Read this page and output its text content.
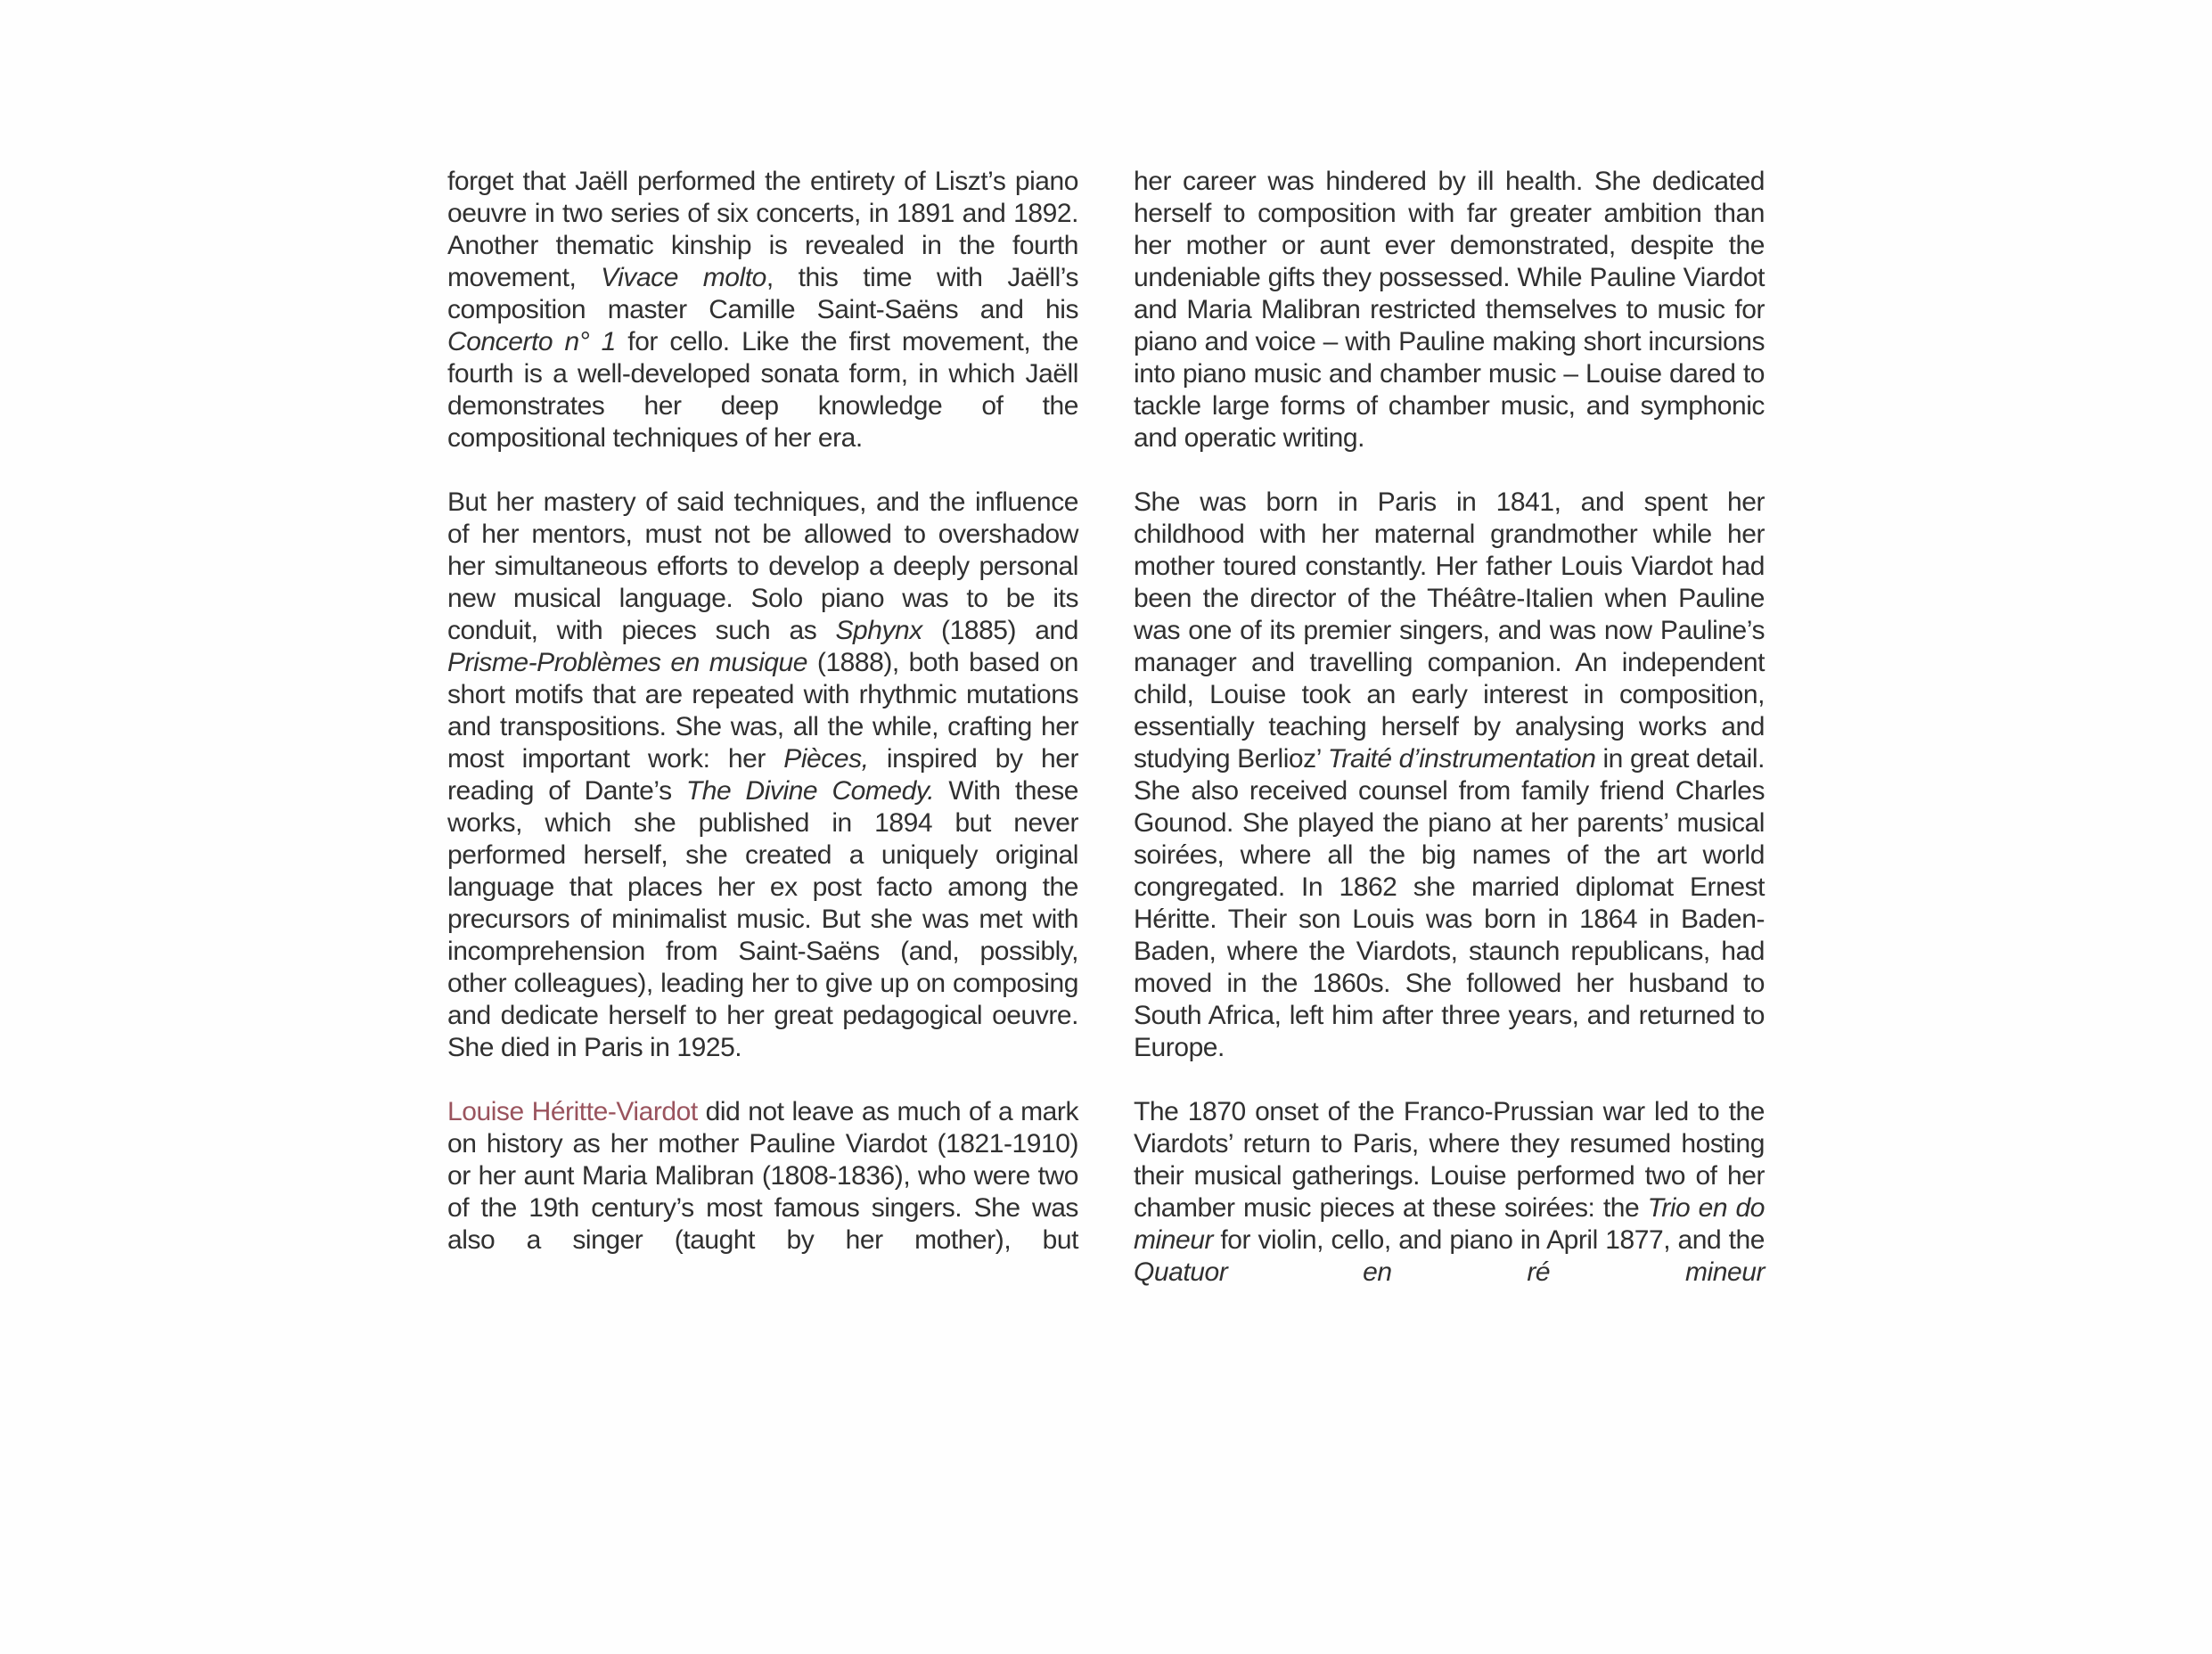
forget that Jaëll performed the entirety of Liszt’s piano oeuvre in two series of six concerts, in 1891 and 1892. Another thematic kinship is revealed in the fourth movement, Vivace molto, this time with Jaëll’s composition master Camille Saint-Saëns and his Concerto n° 1 for cello. Like the first movement, the fourth is a well-developed sonata form, in which Jaëll demonstrates her deep knowledge of the compositional techniques of her era.

But her mastery of said techniques, and the influence of her mentors, must not be allowed to overshadow her simultaneous efforts to develop a deeply personal new musical language. Solo piano was to be its conduit, with pieces such as Sphynx (1885) and Prisme-Problèmes en musique (1888), both based on short motifs that are repeated with rhythmic mutations and transpositions. She was, all the while, crafting her most important work: her Pièces, inspired by her reading of Dante’s The Divine Comedy. With these works, which she published in 1894 but never performed herself, she created a uniquely original language that places her ex post facto among the precursors of minimalist music. But she was met with incomprehension from Saint-Saëns (and, possibly, other colleagues), leading her to give up on composing and dedicate herself to her great pedagogical oeuvre. She died in Paris in 1925.

Louise Héritte-Viardot did not leave as much of a mark on history as her mother Pauline Viardot (1821-1910) or her aunt Maria Malibran (1808-1836), who were two of the 19th century’s most famous singers. She was also a singer (taught by her mother), but

her career was hindered by ill health. She dedicated herself to composition with far greater ambition than her mother or aunt ever demonstrated, despite the undeniable gifts they possessed. While Pauline Viardot and Maria Malibran restricted themselves to music for piano and voice – with Pauline making short incursions into piano music and chamber music – Louise dared to tackle large forms of chamber music, and symphonic and operatic writing.

She was born in Paris in 1841, and spent her childhood with her maternal grandmother while her mother toured constantly. Her father Louis Viardot had been the director of the Théâtre-Italien when Pauline was one of its premier singers, and was now Pauline’s manager and travelling companion. An independent child, Louise took an early interest in composition, essentially teaching herself by analysing works and studying Berlioz’ Traité d’instrumentation in great detail. She also received counsel from family friend Charles Gounod. She played the piano at her parents’ musical soirées, where all the big names of the art world congregated. In 1862 she married diplomat Ernest Héritte. Their son Louis was born in 1864 in Baden-Baden, where the Viardots, staunch republicans, had moved in the 1860s. She followed her husband to South Africa, left him after three years, and returned to Europe.

The 1870 onset of the Franco-Prussian war led to the Viardots’ return to Paris, where they resumed hosting their musical gatherings. Louise performed two of her chamber music pieces at these soirées: the Trio en do mineur for violin, cello, and piano in April 1877, and the Quatuor en ré mineur
